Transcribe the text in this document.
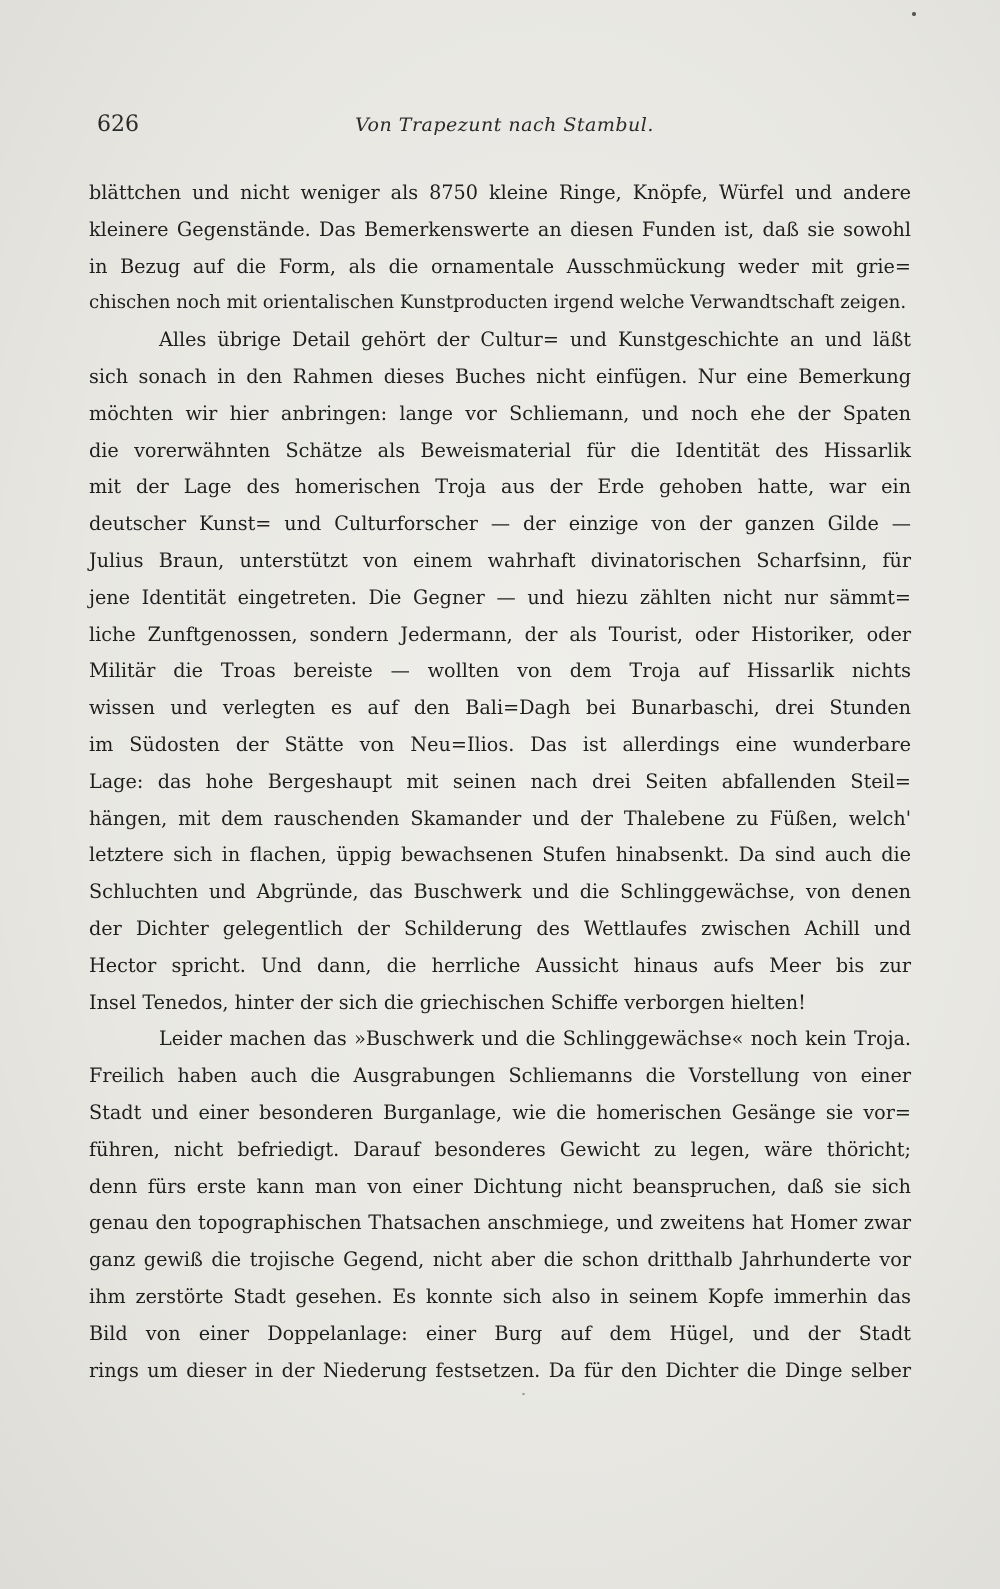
626	Von Trapezunt nach Stambul.
blättchen und nicht weniger als 8750 kleine Ringe, Knöpfe, Würfel und andere
kleinere Gegenstände. Das Bemerkenswerte an diesen Funden ist, daß sie sowohl
in Bezug auf die Form, als die ornamentale Ausschmückung weder mit grie=
chischen noch mit orientalischen Kunstproducten irgend welche Verwandtschaft zeigen.
Alles übrige Detail gehört der Cultur= und Kunstgeschichte an und läßt
sich sonach in den Rahmen dieses Buches nicht einfügen. Nur eine Bemerkung
möchten wir hier anbringen: lange vor Schliemann, und noch ehe der Spaten
die vorerwähnten Schätze als Beweismaterial für die Identität des Hissarlik
mit der Lage des homerischen Troja aus der Erde gehoben hatte, war ein
deutscher Kunst= und Culturforscher — der einzige von der ganzen Gilde —
Julius Braun, unterstützt von einem wahrhaft divinatorischen Scharfsinn, für
jene Identität eingetreten. Die Gegner — und hiezu zählten nicht nur sämmt=
liche Zunftgenossen, sondern Jedermann, der als Tourist, oder Historiker, oder
Militär die Troas bereiste — wollten von dem Troja auf Hissarlik nichts
wissen und verlegten es auf den Bali=Dagh bei Bunarbaschi, drei Stunden
im Südosten der Stätte von Neu=Ilios. Das ist allerdings eine wunderbare
Lage: das hohe Bergeshaupt mit seinen nach drei Seiten abfallenden Steil=
hängen, mit dem rauschenden Skamander und der Thalebene zu Füßen, welch'
letztere sich in flachen, üppig bewachsenen Stufen hinabsenkt. Da sind auch die
Schluchten und Abgründe, das Buschwerk und die Schlinggewächse, von denen
der Dichter gelegentlich der Schilderung des Wettlaufes zwischen Achill und
Hector spricht. Und dann, die herrliche Aussicht hinaus aufs Meer bis zur
Insel Tenedos, hinter der sich die griechischen Schiffe verborgen hielten!
Leider machen das »Buschwerk und die Schlinggewächse« noch kein Troja.
Freilich haben auch die Ausgrabungen Schliemanns die Vorstellung von einer
Stadt und einer besonderen Burganlage, wie die homerischen Gesänge sie vor=
führen, nicht befriedigt. Darauf besonderes Gewicht zu legen, wäre thöricht;
denn fürs erste kann man von einer Dichtung nicht beanspruchen, daß sie sich
genau den topographischen Thatsachen anschmiege, und zweitens hat Homer zwar
ganz gewiß die trojische Gegend, nicht aber die schon dritthalb Jahrhunderte vor
ihm zerstörte Stadt gesehen. Es konnte sich also in seinem Kopfe immerhin das
Bild von einer Doppelanlage: einer Burg auf dem Hügel, und der Stadt
rings um dieser in der Niederung festsetzen. Da für den Dichter die Dinge selber
